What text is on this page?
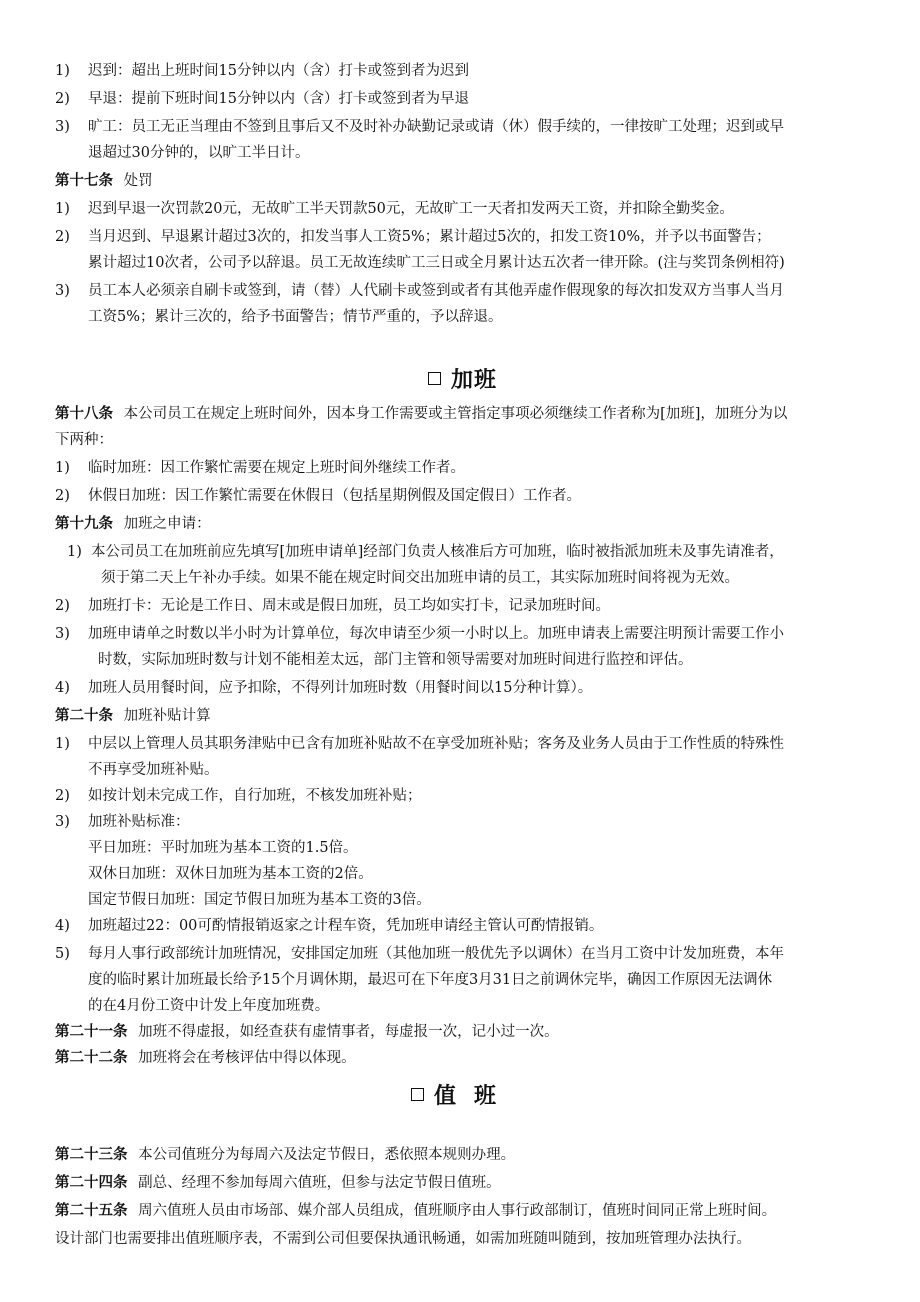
1)	迟到：超出上班时间15分钟以内（含）打卡或签到者为迟到
2)	早退：提前下班时间15分钟以内（含）打卡或签到者为早退
3)	旷工：员工无正当理由不签到且事后又不及时补办缺勤记录或请（休）假手续的，一律按旷工处理；迟到或早
退超过30分钟的，以旷工半日计。
第十七条 处罚
1)	迟到早退一次罚款20元，无故旷工半天罚款50元，无故旷工一天者扣发两天工资，并扣除全勤奖金。
2)	当月迟到、早退累计超过3次的，扣发当事人工资5%；累计超过5次的，扣发工资10%，并予以书面警告；
累计超过10次者，公司予以辞退。员工无故连续旷工三日或全月累计达五次者一律开除。(注与奖罚条例相符)
3)	员工本人必须亲自刷卡或签到，请（替）人代刷卡或签到或者有其他弄虚作假现象的每次扣发双方当事人当月
工资5%；累计三次的，给予书面警告；情节严重的，予以辞退。
加班
第十八条 本公司员工在规定上班时间外，因本身工作需要或主管指定事项必须继续工作者称为[加班]，加班分为以
下两种：
1)	临时加班：因工作繁忙需要在规定上班时间外继续工作者。
2)	休假日加班：因工作繁忙需要在休假日（包括星期例假及国定假日）工作者。
第十九条 加班之申请：
1) 本公司员工在加班前应先填写[加班申请单]经部门负责人核准后方可加班，临时被指派加班未及事先请准者，
须于第二天上午补办手续。如果不能在规定时间交出加班申请的员工，其实际加班时间将视为无效。
2)	加班打卡：无论是工作日、周末或是假日加班，员工均如实打卡，记录加班时间。
3)	加班申请单之时数以半小时为计算单位，每次申请至少须一小时以上。加班申请表上需要注明预计需要工作小
时数，实际加班时数与计划不能相差太远，部门主管和领导需要对加班时间进行监控和评估。
4)	加班人员用餐时间，应予扣除，不得列计加班时数（用餐时间以15分种计算）。
第二十条 加班补贴计算
1)	中层以上管理人员其职务津贴中已含有加班补贴故不在享受加班补贴；客务及业务人员由于工作性质的特殊性
不再享受加班补贴。
2)	如按计划未完成工作，自行加班，不核发加班补贴；
3)	加班补贴标准：
平日加班：平时加班为基本工资的1.5倍。
双休日加班：双休日加班为基本工资的2倍。
国定节假日加班：国定节假日加班为基本工资的3倍。
4)	加班超过22：00可酌情报销返家之计程车资，凭加班申请经主管认可酌情报销。
5)	每月人事行政部统计加班情况，安排国定加班（其他加班一般优先予以调休）在当月工资中计发加班费，本年
度的临时累计加班最长给予15个月调休期，最迟可在下年度3月31日之前调休完毕，确因工作原因无法调休
的在4月份工资中计发上年度加班费。
第二十一条 加班不得虚报，如经查获有虚情事者，每虚报一次，记小过一次。
第二十二条 加班将会在考核评估中得以体现。
值班
第二十三条 本公司值班分为每周六及法定节假日，悉依照本规则办理。
第二十四条 副总、经理不参加每周六值班，但参与法定节假日值班。
第二十五条 周六值班人员由市场部、媒介部人员组成，值班顺序由人事行政部制订，值班时间同正常上班时间。
设计部门也需要排出值班顺序表，不需到公司但要保执通讯畅通，如需加班随叫随到，按加班管理办法执行。
